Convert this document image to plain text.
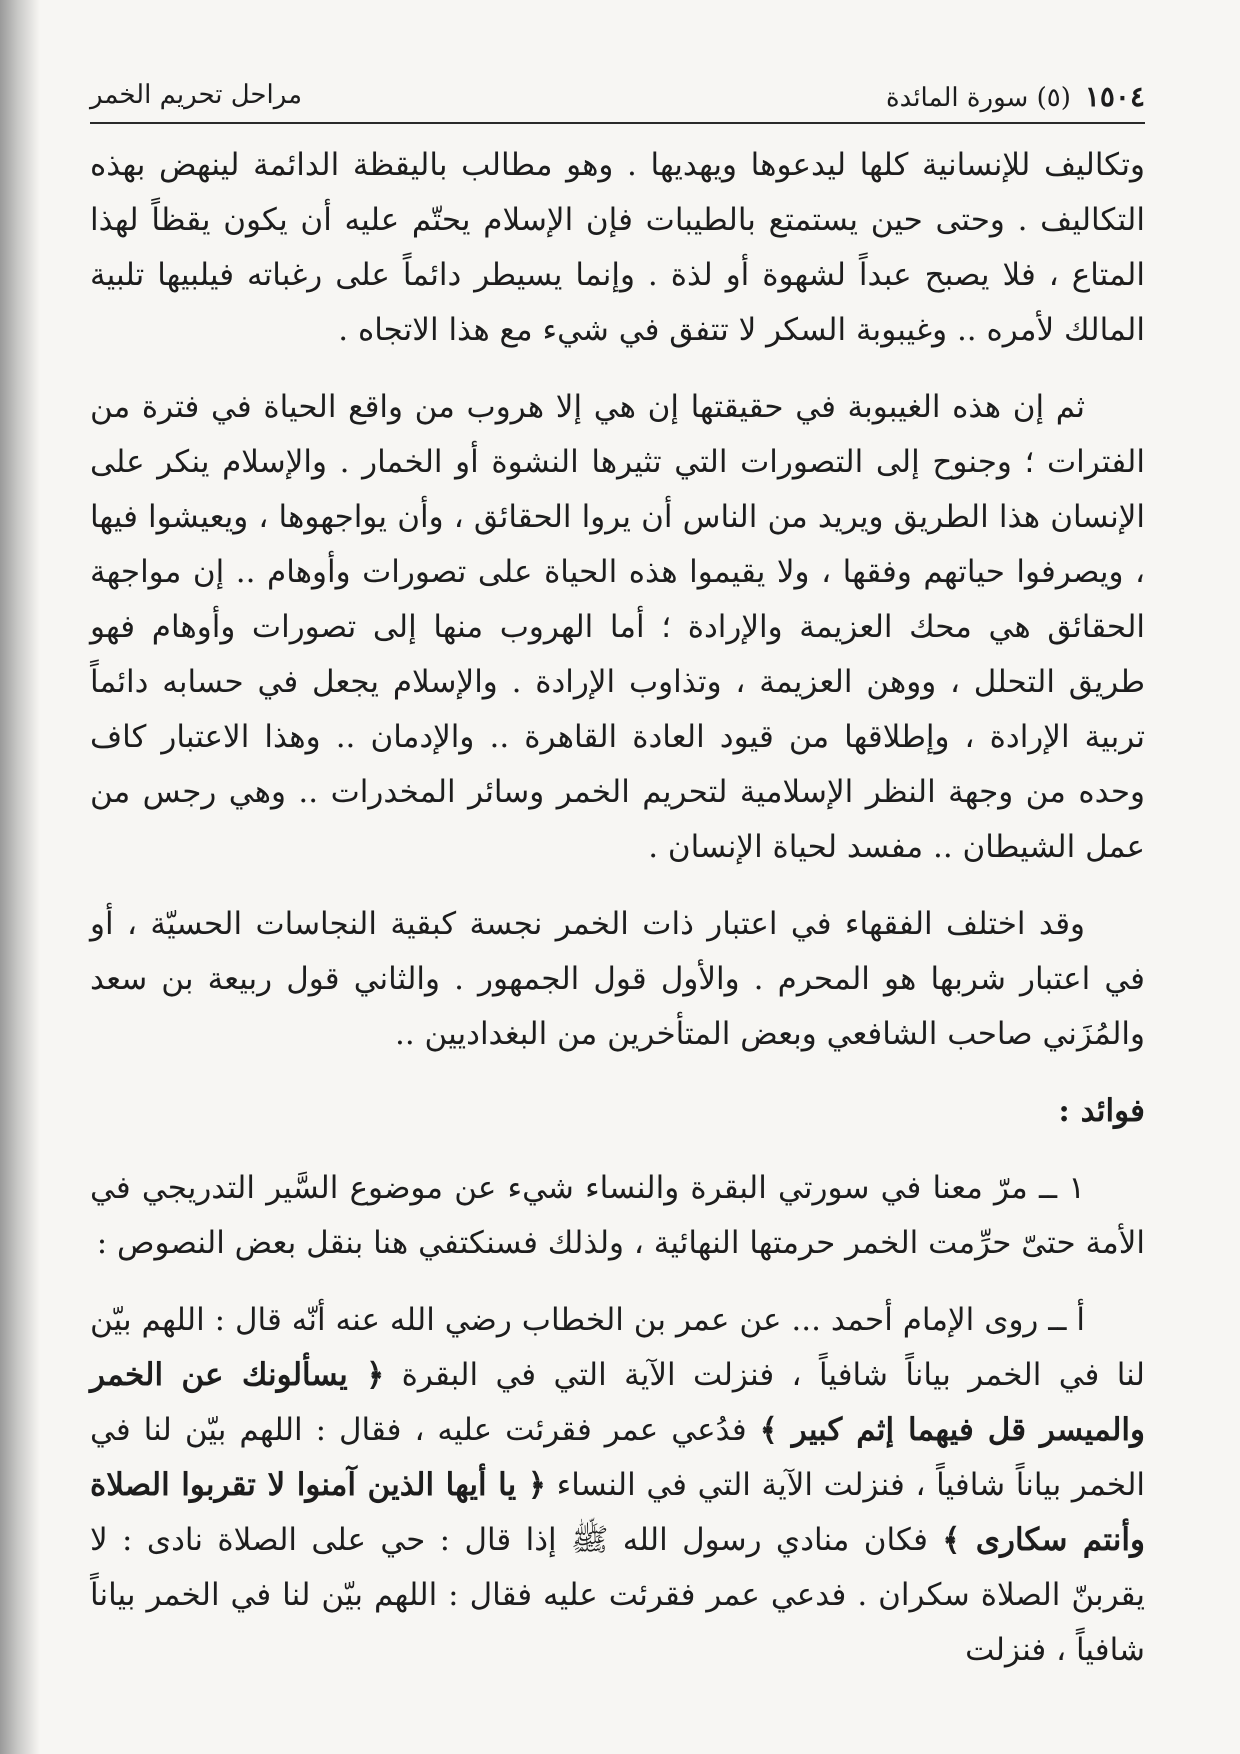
١٥٠٤
(٥) سورة المائدة
مراحل تحريم الخمر

وتكاليف للإنسانية كلها ليدعوها ويهديها . وهو مطالب باليقظة الدائمة لينهض بهذه التكاليف . وحتى حين يستمتع بالطيبات فإن الإسلام يحتّم عليه أن يكون يقظاً لهذا المتاع ، فلا يصبح عبداً لشهوة أو لذة . وإنما يسيطر دائماً على رغباته فيلبيها تلبية المالك لأمره .. وغيبوبة السكر لا تتفق في شيء مع هذا الاتجاه .

ثم إن هذه الغيبوبة في حقيقتها إن هي إلا هروب من واقع الحياة في فترة من الفترات ؛ وجنوح إلى التصورات التي تثيرها النشوة أو الخمار . والإسلام ينكر على الإنسان هذا الطريق ويريد من الناس أن يروا الحقائق ، وأن يواجهوها ، ويعيشوا فيها ، ويصرفوا حياتهم وفقها ، ولا يقيموا هذه الحياة على تصورات وأوهام .. إن مواجهة الحقائق هي محك العزيمة والإرادة ؛ أما الهروب منها إلى تصورات وأوهام فهو طريق التحلل ، ووهن العزيمة ، وتذاوب الإرادة . والإسلام يجعل في حسابه دائماً تربية الإرادة ، وإطلاقها من قيود العادة القاهرة .. والإدمان .. وهذا الاعتبار كاف وحده من وجهة النظر الإسلامية لتحريم الخمر وسائر المخدرات .. وهي رجس من عمل الشيطان .. مفسد لحياة الإنسان .

وقد اختلف الفقهاء في اعتبار ذات الخمر نجسة كبقية النجاسات الحسيّة ، أو في اعتبار شربها هو المحرم . والأول قول الجمهور . والثاني قول ربيعة بن سعد والمُزَني صاحب الشافعي وبعض المتأخرين من البغداديين ..

فوائد :

١ ــ مرّ معنا في سورتي البقرة والنساء شيء عن موضوع السَّير التدريجي في الأمة حتىّ حرِّمت الخمر حرمتها النهائية ، ولذلك فسنكتفي هنا بنقل بعض النصوص :

أ ــ روى الإمام أحمد ... عن عمر بن الخطاب رضي الله عنه أنّه قال : اللهم بيّن لنا في الخمر بياناً شافياً ، فنزلت الآية التي في البقرة ﴿ يسألونك عن الخمر والميسر قل فيهما إثم كبير ﴾ فدُعي عمر فقرئت عليه ، فقال : اللهم بيّن لنا في الخمر بياناً شافياً ، فنزلت الآية التي في النساء ﴿ يا أيها الذين آمنوا لا تقربوا الصلاة وأنتم سكارى ﴾ فكان منادي رسول الله ﷺ إذا قال : حي على الصلاة نادى : لا يقربنّ الصلاة سكران . فدعي عمر فقرئت عليه فقال : اللهم بيّن لنا في الخمر بياناً شافياً ، فنزلت
